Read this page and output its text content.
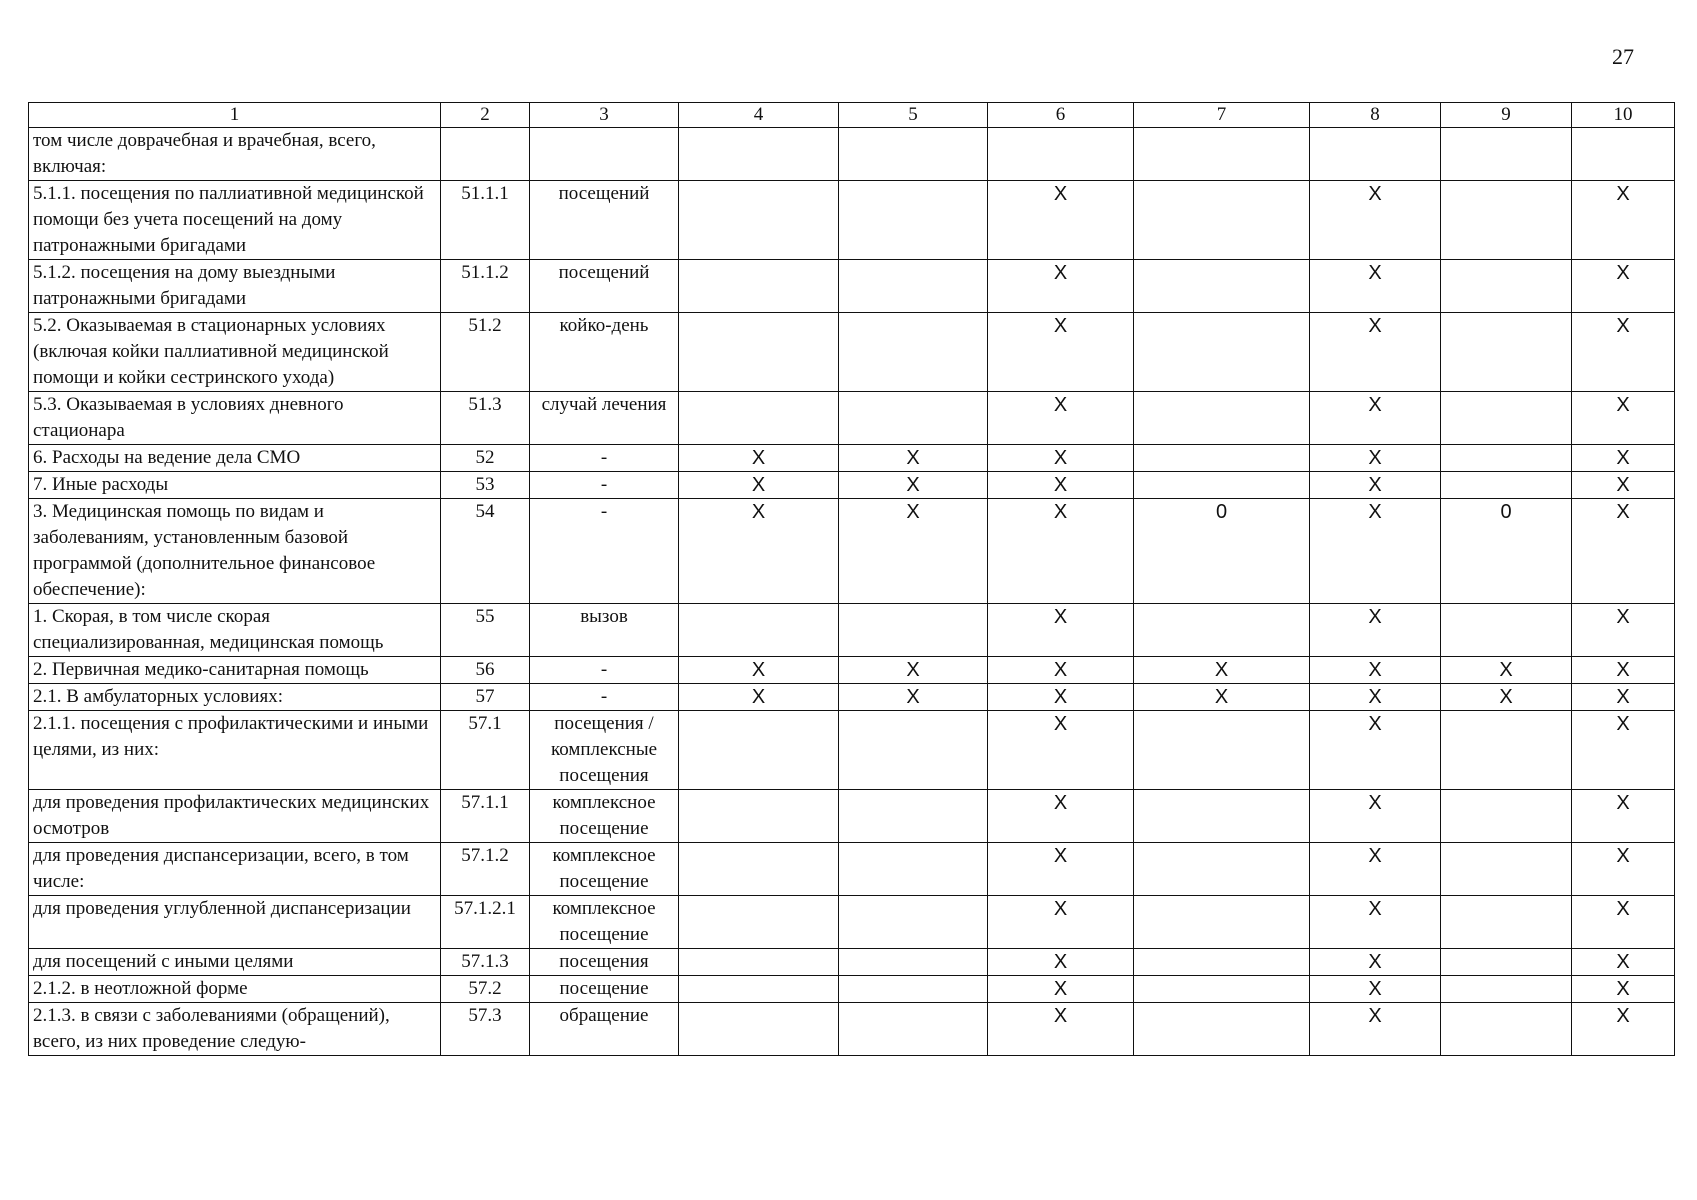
27
1	2	3	4	5	6	7	8	9	10
том числе доврачебная и врачебная, всего, включая:									
5.1.1. посещения по паллиативной медицинской помощи без учета посещений на дому патронажными бригадами	51.1.1	посещений			X		X		X
5.1.2. посещения на дому выездными патронажными бригадами	51.1.2	посещений			X		X		X
5.2. Оказываемая в стационарных условиях (включая койки паллиативной медицинской помощи и койки сестринского ухода)	51.2	койко-день			X		X		X
5.3. Оказываемая в условиях дневного стационара	51.3	случай лечения			X		X		X
6. Расходы на ведение дела СМО	52	-	X	X	X		X		X
7. Иные расходы	53	-	X	X	X		X		X
3. Медицинская помощь по видам и заболеваниям, установленным базовой программой (дополнительное финансовое обеспечение):	54	-	X	X	X	0	X	0	X
1. Скорая, в том числе скорая специализированная, медицинская помощь	55	вызов			X		X		X
2. Первичная медико-санитарная помощь	56	-	X	X	X	X	X	X	X
2.1. В амбулаторных условиях:	57	-	X	X	X	X	X	X	X
2.1.1. посещения с профилактическими и иными целями, из них:	57.1	посещения / комплексные посещения			X		X		X
для проведения профилактических медицинских осмотров	57.1.1	комплексное посещение			X		X		X
для проведения диспансеризации, всего, в том числе:	57.1.2	комплексное посещение			X		X		X
для проведения углубленной диспансеризации	57.1.2.1	комплексное посещение			X		X		X
для посещений с иными целями	57.1.3	посещения			X		X		X
2.1.2. в неотложной форме	57.2	посещение			X		X		X
2.1.3. в связи с заболеваниями (обращений), всего, из них проведение следую-	57.3	обращение			X		X		X
